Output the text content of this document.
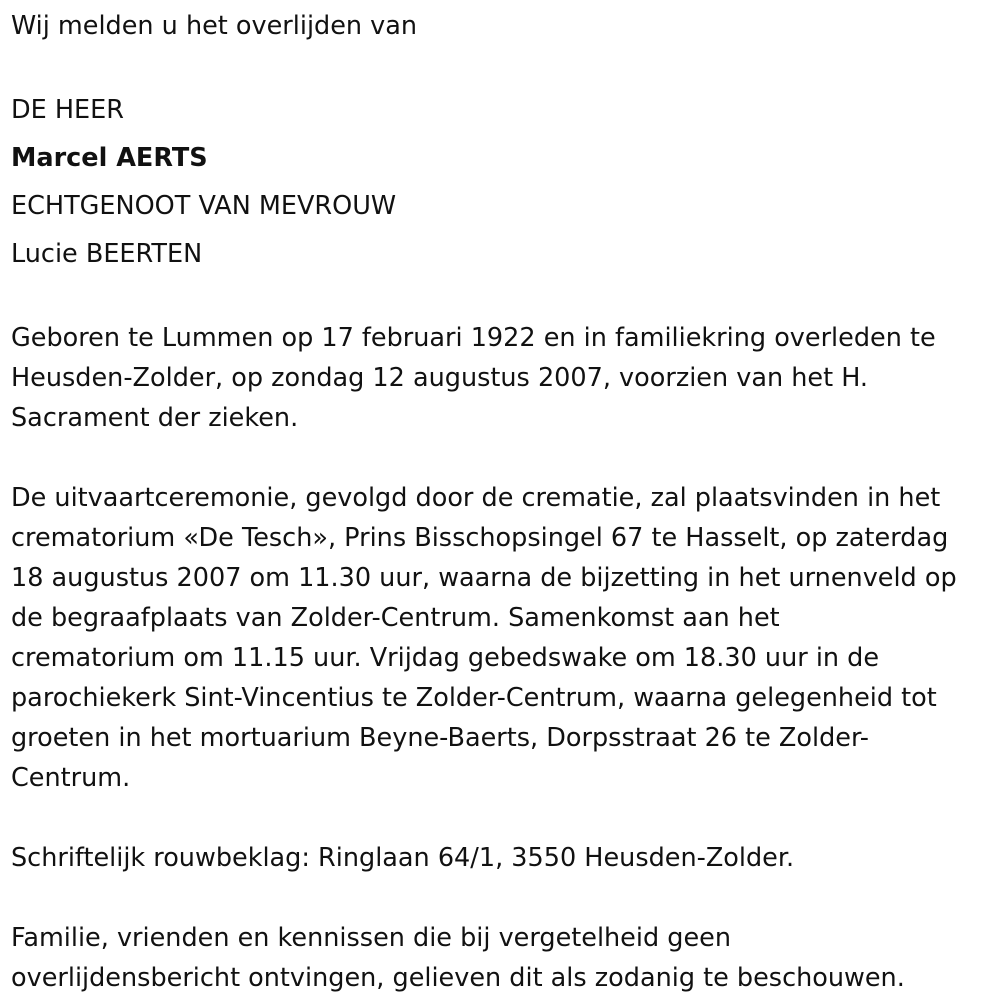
Wij melden u het overlijden van

DE HEER

Marcel AERTS

ECHTGENOOT VAN MEVROUW

Lucie BEERTEN

Geboren te Lummen op 17 februari 1922 en in familiekring overleden te

Heusden-Zolder, op zondag 12 augustus 2007, voorzien van het H.

Sacrament der zieken.

De uitvaartceremonie, gevolgd door de crematie, zal plaatsvinden in het

crematorium «De Tesch», Prins Bisschopsingel 67 te Hasselt, op zaterdag

18 augustus 2007 om 11.30 uur, waarna de bijzetting in het urnenveld op

de begraafplaats van Zolder-Centrum. Samenkomst aan het

crematorium om 11.15 uur. Vrijdag gebedswake om 18.30 uur in de

parochiekerk Sint-Vincentius te Zolder-Centrum, waarna gelegenheid tot

groeten in het mortuarium Beyne-Baerts, Dorpsstraat 26 te Zolder-

Centrum.

Schriftelijk rouwbeklag: Ringlaan 64/1, 3550 Heusden-Zolder.

Familie, vrienden en kennissen die bij vergetelheid geen

overlijdensbericht ontvingen, gelieven dit als zodanig te beschouwen.
